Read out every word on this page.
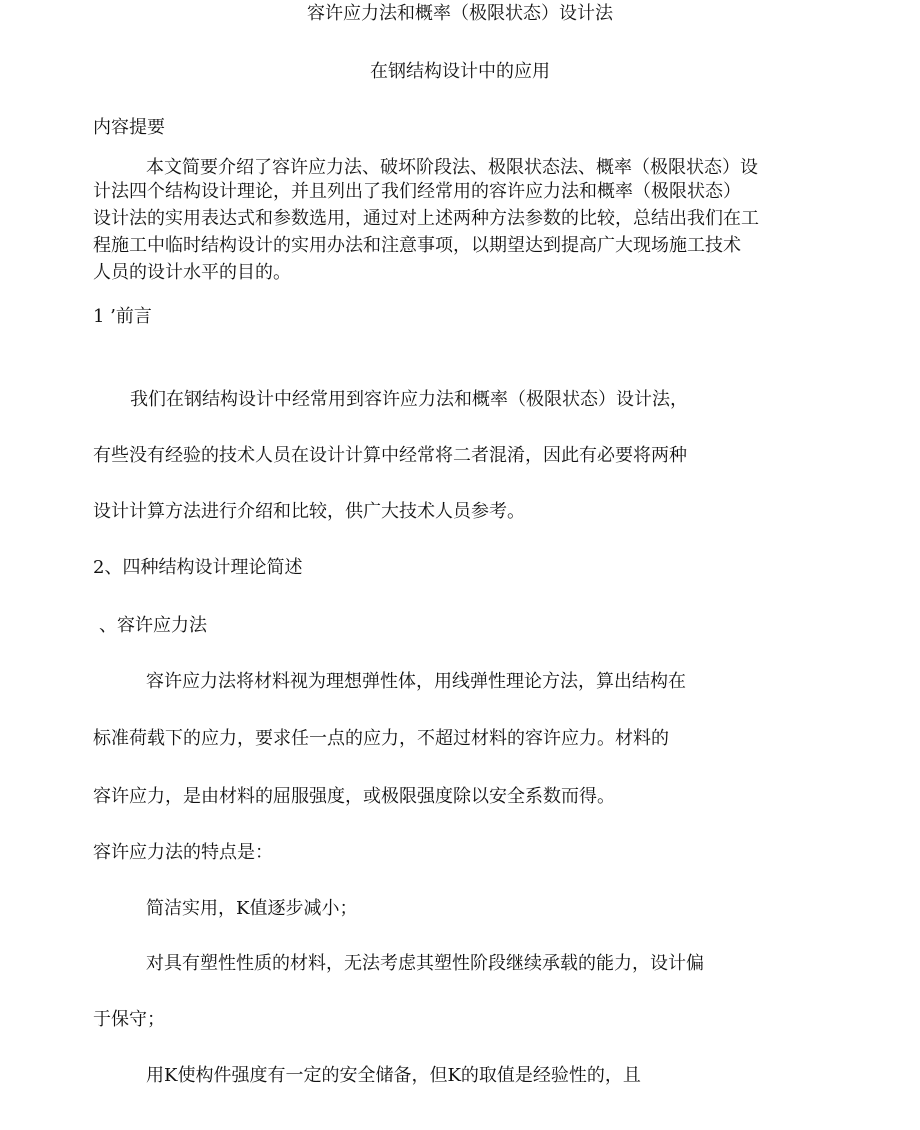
容许应力法和概率（极限状态）设计法
在钢结构设计中的应用
内容提要
本文简要介绍了容许应力法、破坏阶段法、极限状态法、概率（极限状态）设
计法四个结构设计理论，并且列出了我们经常用的容许应力法和概率（极限状态）
设计法的实用表达式和参数选用，通过对上述两种方法参数的比较，总结出我们在工
程施工中临时结构设计的实用办法和注意事项，以期望达到提高广大现场施工技术
人员的设计水平的目的。
1 ’前言
我们在钢结构设计中经常用到容许应力法和概率（极限状态）设计法，
有些没有经验的技术人员在设计计算中经常将二者混淆，因此有必要将两种
设计计算方法进行介绍和比较，供广大技术人员参考。
2、四种结构设计理论简述
、容许应力法
容许应力法将材料视为理想弹性体，用线弹性理论方法，算出结构在
标准荷载下的应力，要求任一点的应力，不超过材料的容许应力。材料的
容许应力，是由材料的屈服强度，或极限强度除以安全系数而得。
容许应力法的特点是：
简洁实用，K值逐步减小；
对具有塑性性质的材料，无法考虑其塑性阶段继续承载的能力，设计偏
于保守；
用K使构件强度有一定的安全储备，但K的取值是经验性的，且
